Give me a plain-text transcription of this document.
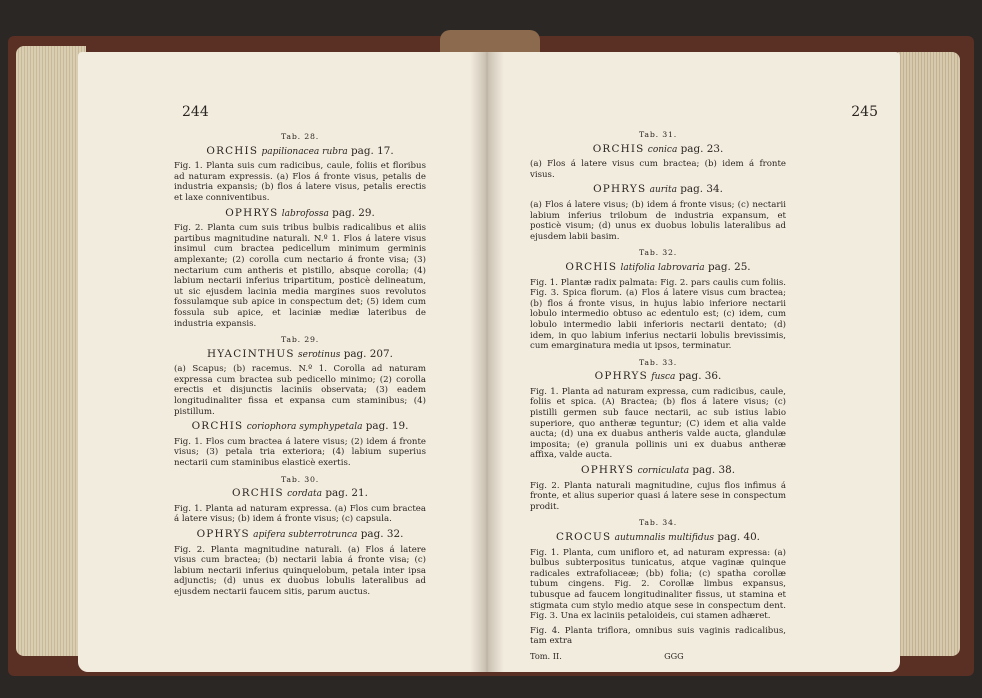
244
Tab. 28.
ORCHIS papilionacea rubra pag. 17.

Fig. 1. Planta suis cum radicibus, caule, foliis et floribus ad naturam expressis. (a) Flos á fronte visus, petalis de industria expansis; (b) flos á latere visus, petalis erectis et laxe conniventibus.

OPHRYS labrofossa pag. 29.

Fig. 2. Planta cum suis tribus bulbis radicalibus et aliis partibus magnitudine naturali. N.º 1. Flos á latere visus insimul cum bractea pedicellum minimum germinis amplexante; (2) corolla cum nectario á fronte visa; (3) nectarium cum antheris et pistillo, absque corolla; (4) labium nectarii inferius tripartitum, posticè delineatum, ut sic ejusdem lacinia media margines suos revolutos fossulamque sub apice in conspectum det; (5) idem cum fossula sub apice, et laciniæ mediæ lateribus de industria expansis.

Tab. 29.
HYACINTHUS serotinus pag. 207.

(a) Scapus; (b) racemus. N.º 1. Corolla ad naturam expressa cum bractea sub pedicello minimo; (2) corolla erectis et disjunctis laciniis observata; (3) eadem longitudinaliter fissa et expansa cum staminibus; (4) pistillum.

ORCHIS coriophora symphypetala pag. 19.

Fig. 1. Flos cum bractea á latere visus; (2) idem á fronte visus; (3) petala tria exteriora; (4) labium superius nectarii cum staminibus elasticè exertis.

Tab. 30.
ORCHIS cordata pag. 21.

Fig. 1. Planta ad naturam expressa. (a) Flos cum bractea á latere visus; (b) idem á fronte visus; (c) capsula.

OPHRYS apifera subterrotrunca pag. 32.

Fig. 2. Planta magnitudine naturali. (a) Flos á latere visus cum bractea; (b) nectarii labia á fronte visa; (c) labium nectarii inferius quinquelobum, petala inter ipsa adjunctis; (d) unus ex duobus lobulis lateralibus ad ejusdem nectarii faucem sitis, parum auctus.

245
Tab. 31.
ORCHIS conica pag. 23.

(a) Flos á latere visus cum bractea; (b) idem á fronte visus.

OPHRYS aurita pag. 34.

(a) Flos á latere visus; (b) idem á fronte visus; (c) nectarii labium inferius trilobum de industria expansum, et posticè visum; (d) unus ex duobus lobulis lateralibus ad ejusdem labii basim.

Tab. 32.
ORCHIS latifolia labrovaria pag. 25.

Fig. 1. Plantæ radix palmata: Fig. 2. pars caulis cum foliis. Fig. 3. Spica florum. (a) Flos á latere visus cum bractea; (b) flos á fronte visus, in hujus labio inferiore nectarii lobulo intermedio obtuso ac edentulo est; (c) idem, cum lobulo intermedio labii inferioris nectarii dentato; (d) idem, in quo labium inferius nectarii lobulis brevissimis, cum emarginatura media ut ipsos, terminatur.

Tab. 33.
OPHRYS fusca pag. 36.

Fig. 1. Planta ad naturam expressa, cum radicibus, caule, foliis et spica. (A) Bractea; (b) flos á latere visus; (c) pistilli germen sub fauce nectarii, ac sub istius labio superiore, quo antheræ teguntur; (C) idem et alia valde aucta; (d) una ex duabus antheris valde aucta, glandulæ imposita; (e) granula pollinis uni ex duabus antheræ affixa, valde aucta.

OPHRYS corniculata pag. 38.

Fig. 2. Planta naturali magnitudine, cujus flos infimus á fronte, et alius superior quasi á latere sese in conspectum prodit.

Tab. 34.
CROCUS autumnalis multifidus pag. 40.

Fig. 1. Planta, cum unifloro et, ad naturam expressa: (a) bulbus subterpositus tunicatus, atque vaginæ quinque radicales extrafoliaceæ; (bb) folia; (c) spatha corollæ tubum cingens. Fig. 2. Corollæ limbus expansus, tubusque ad faucem longitudinaliter fissus, ut stamina et stigmata cum stylo medio atque sese in conspectum dent. Fig. 3. Una ex laciniis petaloideis, cui stamen adhæret.

Fig. 4. Planta triflora, omnibus suis vaginis radicalibus, tam extra

Tom. II.	GGG
